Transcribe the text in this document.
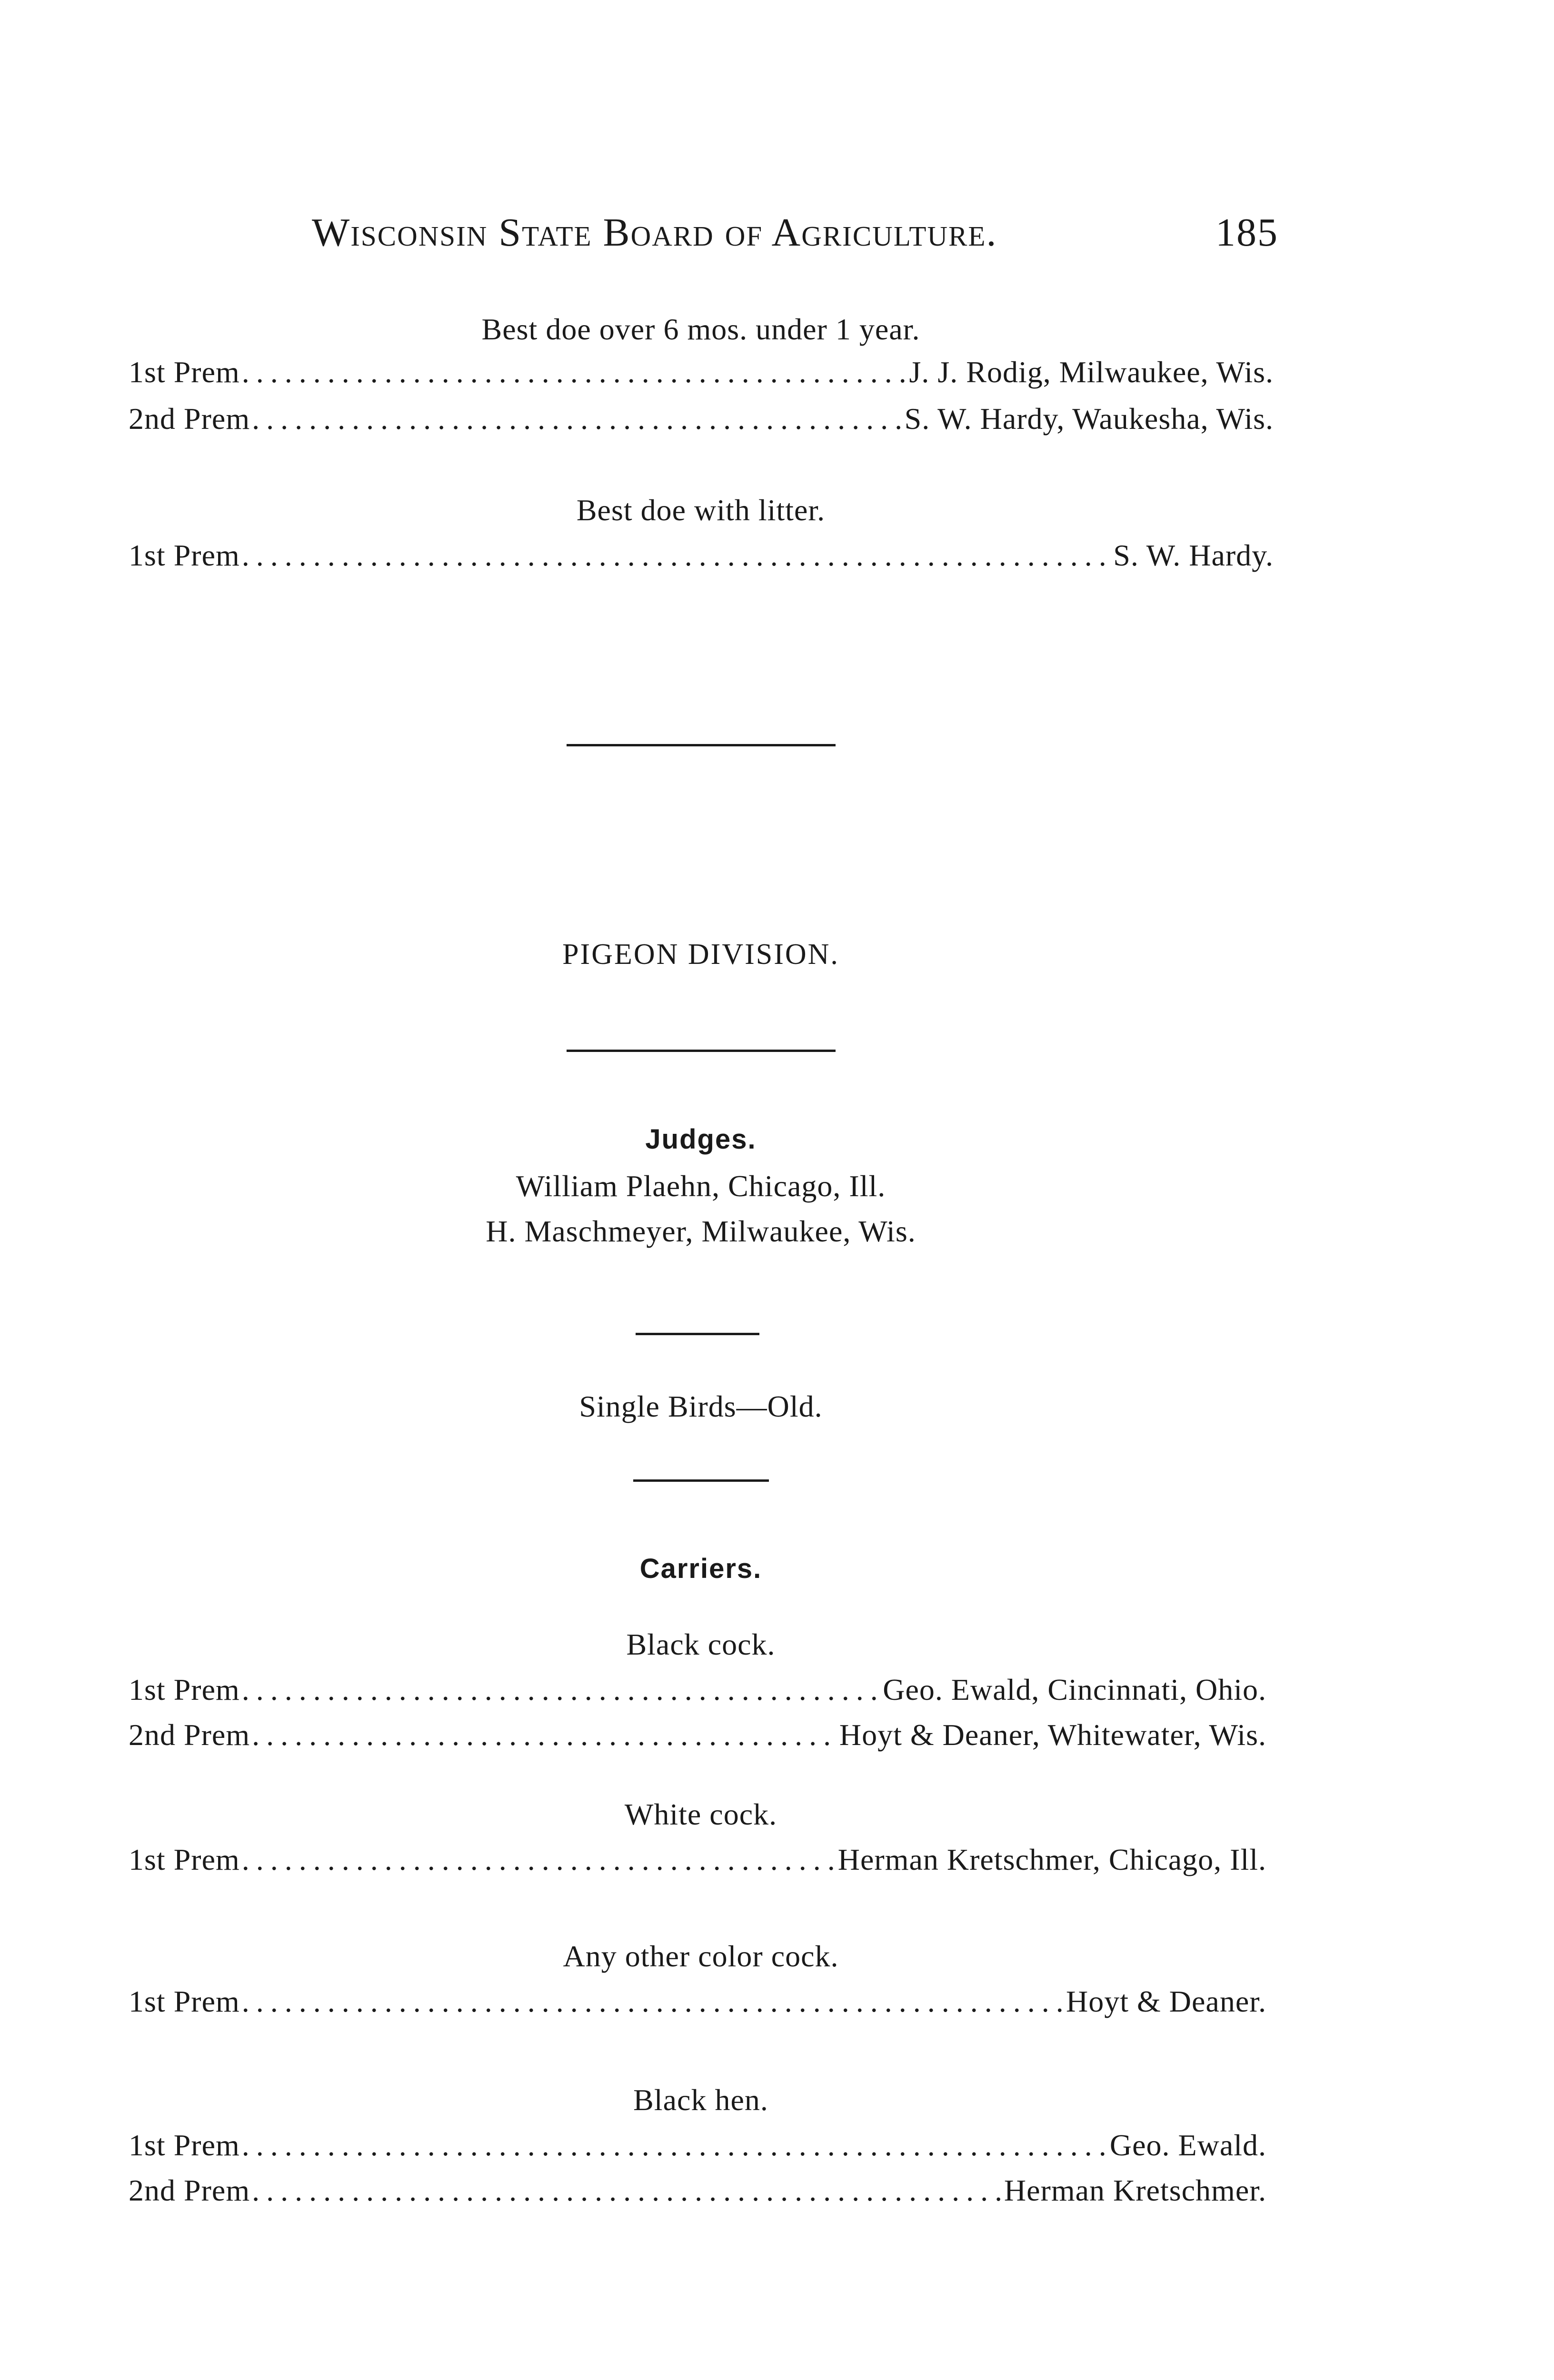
Wisconsin State Board of Agriculture.	185
Best doe over 6 mos. under 1 year.
1st Prem .....	J. J. Rodig, Milwaukee, Wis.
2nd Prem .....	S. W. Hardy, Waukesha, Wis.
Best doe with litter.
1st Prem .....	S. W. Hardy.
PIGEON DIVISION.
Judges.
William Plaehn, Chicago, Ill.
H. Maschmeyer, Milwaukee, Wis.
Single Birds—Old.
Carriers.
Black cock.
1st Prem .....	Geo. Ewald, Cincinnati, Ohio.
2nd Prem .....	Hoyt & Deaner, Whitewater, Wis.
White cock.
1st Prem .....	Herman Kretschmer, Chicago, Ill.
Any other color cock.
1st Prem .....	Hoyt & Deaner.
Black hen.
1st Prem .....	Geo. Ewald.
2nd Prem .....	Herman Kretschmer.
